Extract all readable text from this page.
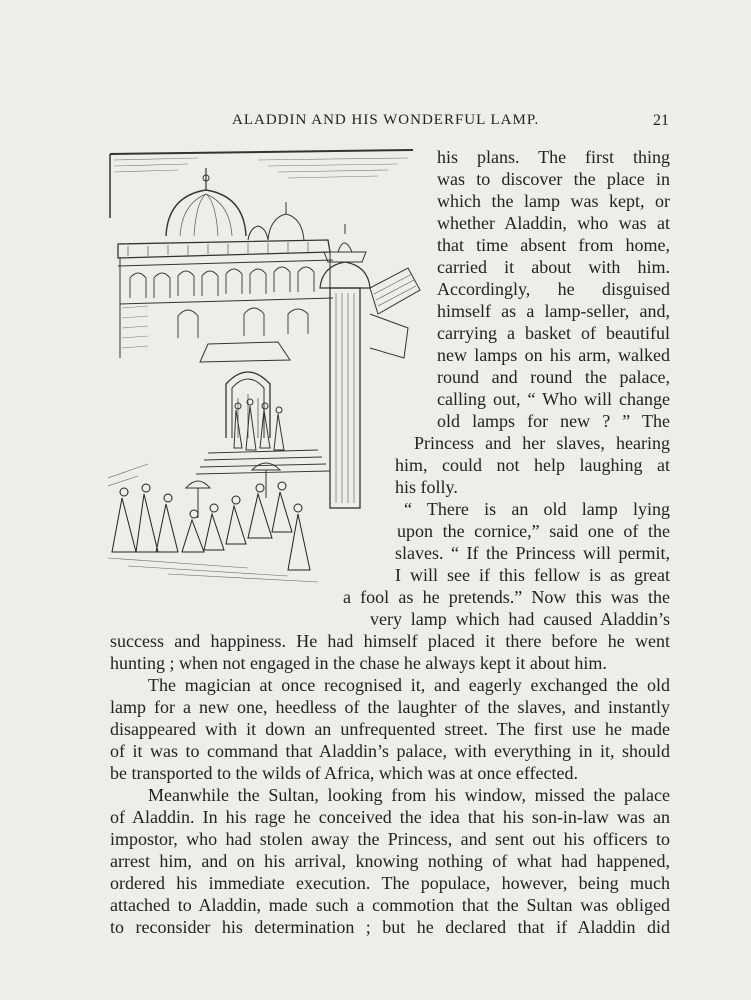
ALADDIN AND HIS WONDERFUL LAMP.	21
his plans. The first thing
was to discover the place in
which the lamp was kept, or
whether Aladdin, who was at
that time absent from home,
carried it about with him.
Accordingly, he disguised
himself as a lamp-seller, and,
carrying a basket of beautiful
new lamps on his arm, walked
round and round the palace,
calling out, “ Who will change
old lamps for new ? ” The
Princess and her slaves, hearing
him, could not help laughing at
his folly.
“ There is an old lamp lying
upon the cornice,” said one of the
slaves. “ If the Princess will permit,
I will see if this fellow is as great
a fool as he pretends.” Now this was the
very lamp which had caused Aladdin’s
success and happiness. He had himself placed it there before he went
hunting ; when not engaged in the chase he always kept it about him.
The magician at once recognised it, and eagerly exchanged the old
lamp for a new one, heedless of the laughter of the slaves, and instantly
disappeared with it down an unfrequented street. The first use he made
of it was to command that Aladdin’s palace, with everything in it, should
be transported to the wilds of Africa, which was at once effected.
Meanwhile the Sultan, looking from his window, missed the palace
of Aladdin. In his rage he conceived the idea that his son-in-law was an
impostor, who had stolen away the Princess, and sent out his officers to
arrest him, and on his arrival, knowing nothing of what had happened,
ordered his immediate execution. The populace, however, being much
attached to Aladdin, made such a commotion that the Sultan was obliged
to reconsider his determination ; but he declared that if Aladdin did
